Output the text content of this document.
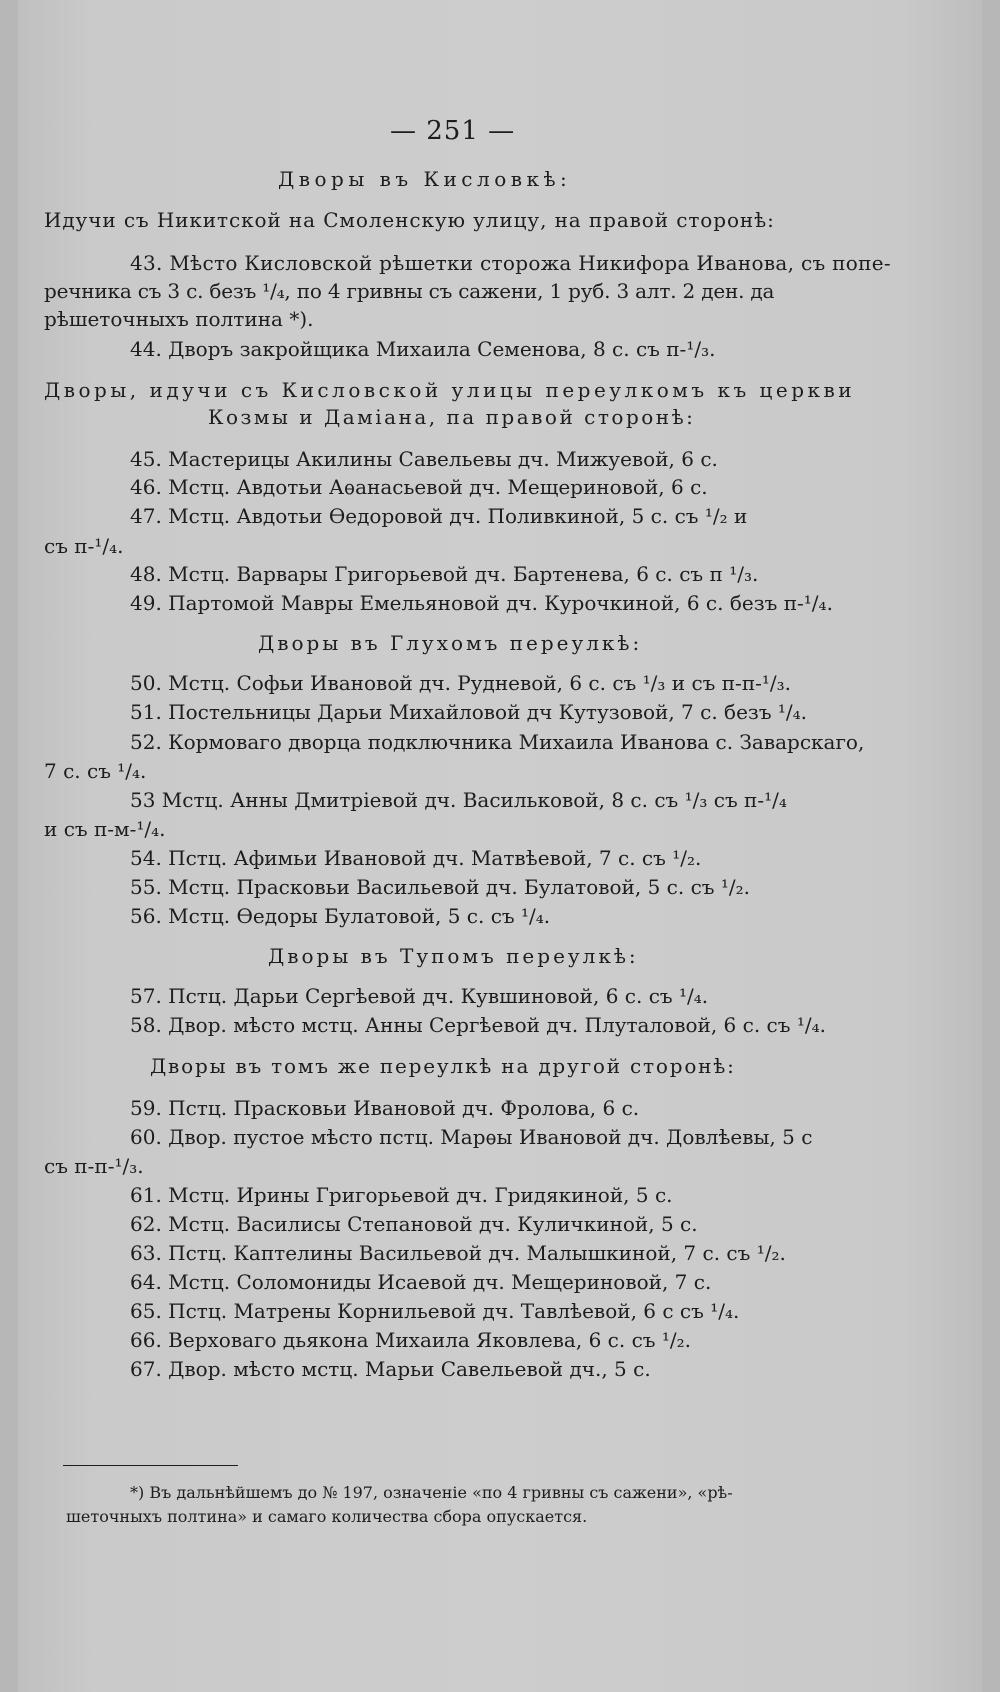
— 251 —
Дворы въ Кисловкѣ:
Идучи съ Никитской на Смоленскую улицу, на правой сторонѣ:
43. Мѣсто Кисловской рѣшетки сторожа Никифора Иванова, съ попе-
речника съ 3 с. безъ ¹/₄, по 4 гривны съ сажени, 1 руб. 3 алт. 2 ден. да
рѣшеточныхъ полтина *).
44. Дворъ закройщика Михаила Семенова, 8 с. съ п-¹/₃.
Дворы, идучи съ Кисловской улицы переулкомъ къ церкви
Козмы и Даміана, па правой сторонѣ:
45. Мастерицы Акилины Савельевы дч. Мижуевой, 6 с.
46. Мстц. Авдотьи Аѳанасьевой дч. Мещериновой, 6 с.
47. Мстц. Авдотьи Ѳедоровой дч. Поливкиной, 5 с. съ ¹/₂ и
съ п-¹/₄.
48. Мстц. Варвары Григорьевой дч. Бартенева, 6 с. съ п ¹/₃.
49. Партомой Мавры Емельяновой дч. Курочкиной, 6 с. безъ п-¹/₄.
Дворы въ Глухомъ переулкѣ:
50. Мстц. Софьи Ивановой дч. Рудневой, 6 с. съ ¹/₃ и съ п-п-¹/₃.
51. Постельницы Дарьи Михайловой дч Кутузовой, 7 с. безъ ¹/₄.
52. Кормоваго дворца подключника Михаила Иванова с. Заварскаго,
7 с. съ ¹/₄.
53 Мстц. Анны Дмитріевой дч. Васильковой, 8 с. съ ¹/₃ съ п-¹/₄
и съ п-м-¹/₄.
54. Пстц. Афимьи Ивановой дч. Матвѣевой, 7 с. съ ¹/₂.
55. Мстц. Прасковьи Васильевой дч. Булатовой, 5 с. съ ¹/₂.
56. Мстц. Ѳедоры Булатовой, 5 с. съ ¹/₄.
Дворы въ Тупомъ переулкѣ:
57. Пстц. Дарьи Сергѣевой дч. Кувшиновой, 6 с. съ ¹/₄.
58. Двор. мѣсто мстц. Анны Сергѣевой дч. Плуталовой, 6 с. съ ¹/₄.
Дворы въ томъ же переулкѣ на другой сторонѣ:
59. Пстц. Прасковьи Ивановой дч. Фролова, 6 с.
60. Двор. пустое мѣсто пстц. Марѳы Ивановой дч. Довлѣевы, 5 с
съ п-п-¹/₃.
61. Мстц. Ирины Григорьевой дч. Гридякиной, 5 с.
62. Мстц. Василисы Степановой дч. Куличкиной, 5 с.
63. Пстц. Каптелины Васильевой дч. Малышкиной, 7 с. съ ¹/₂.
64. Мстц. Соломониды Исаевой дч. Мещериновой, 7 с.
65. Пстц. Матрены Корнильевой дч. Тавлѣевой, 6 с съ ¹/₄.
66. Верховаго дьякона Михаила Яковлева, 6 с. съ ¹/₂.
67. Двор. мѣсто мстц. Марьи Савельевой дч., 5 с.
*) Въ дальнѣйшемъ до № 197, означеніе «по 4 гривны съ сажени», «рѣ-
шеточныхъ полтина» и самаго количества сбора опускается.
